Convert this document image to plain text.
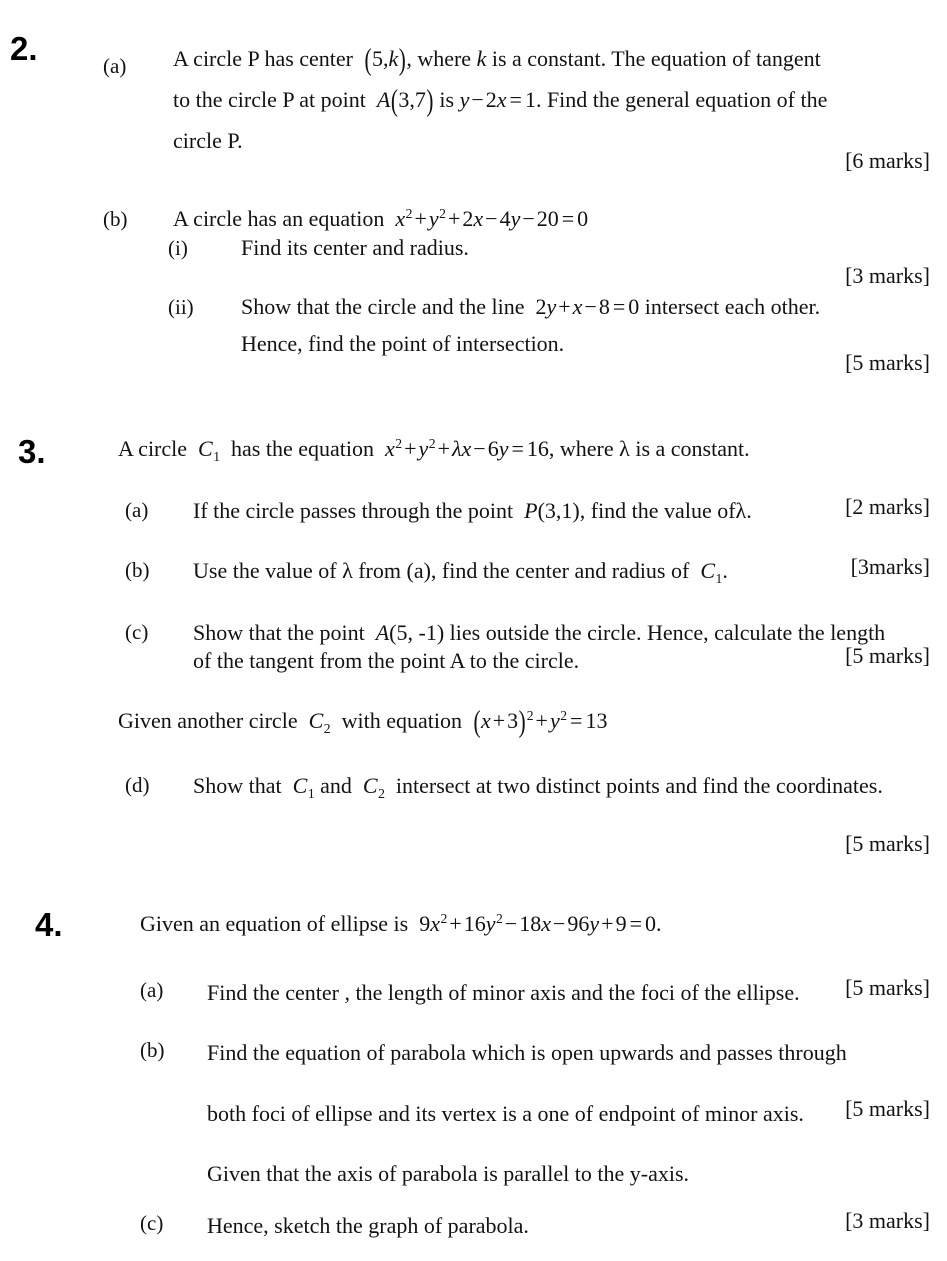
2.	(a) A circle P has center (5,k), where k is a constant. The equation of tangent
to the circle P at point  A(3,7) is y−2x = 1. Find the general equation of the
circle P.
[6 marks]
(b) A circle has an equation  $x^2+y^2+2x-4y-20 = 0$
(i) Find its center and radius.
[3 marks]
(ii) Show that the circle and the line 2y+x−8 = 0 intersect each other.
Hence, find the point of intersection.
[5 marks]
3.	A circle  $C_1$ has the equation  $x^2+y^2+\lambda x-6y = 16$, where λ is a constant.
(a) If the circle passes through the point  P(3,1), find the value ofλ.	[2 marks]
(b) Use the value of λ from (a), find the center and radius of  $C_1$.	[3marks]
(c) Show that the point  A(5, -1) lies outside the circle. Hence, calculate the length
of the tangent from the point A to the circle.	[5 marks]
Given another circle  $C_2$ with equation $(x+3)^2+y^2 = 13$
(d) Show that  $C_1$ and  $C_2$ intersect at two distinct points and find the coordinates.
[5 marks]
4.	Given an equation of ellipse is $9x^2+16y^2-18x-96y+9 = 0$.
(a) Find the center , the length of minor axis and the foci of the ellipse.	[5 marks]
(b) Find the equation of parabola which is open upwards and passes through
both foci of ellipse and its vertex is a one of endpoint of minor axis.	[5 marks]
Given that the axis of parabola is parallel to the y-axis.
(c) Hence, sketch the graph of parabola.	[3 marks]
